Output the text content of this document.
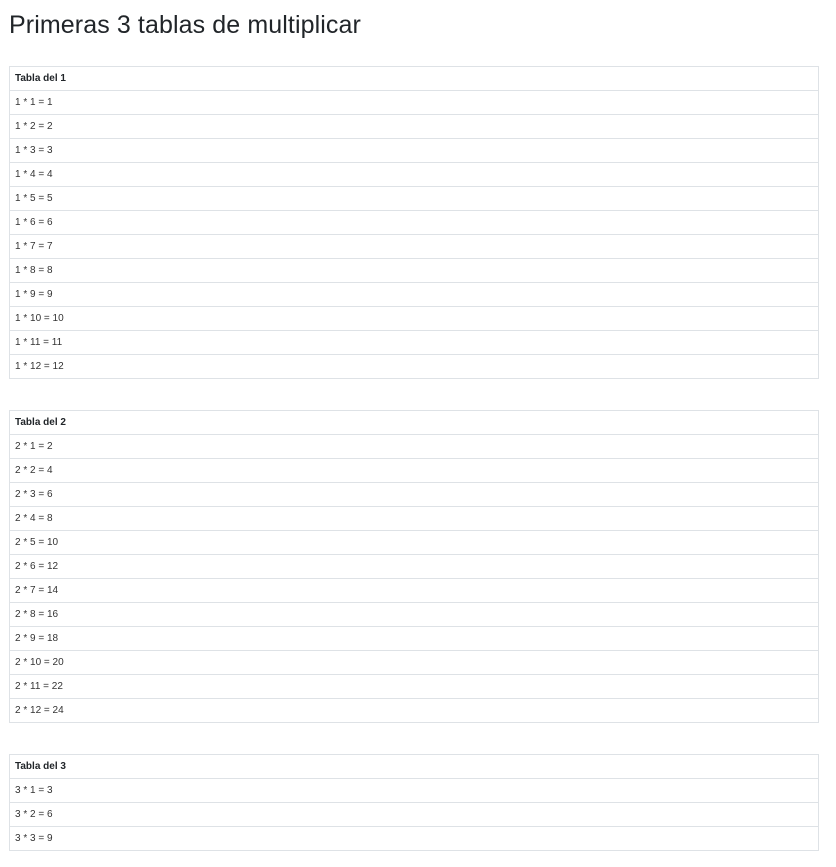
Primeras 3 tablas de multiplicar
Tabla del 1
1 * 1 = 1
1 * 2 = 2
1 * 3 = 3
1 * 4 = 4
1 * 5 = 5
1 * 6 = 6
1 * 7 = 7
1 * 8 = 8
1 * 9 = 9
1 * 10 = 10
1 * 11 = 11
1 * 12 = 12
Tabla del 2
2 * 1 = 2
2 * 2 = 4
2 * 3 = 6
2 * 4 = 8
2 * 5 = 10
2 * 6 = 12
2 * 7 = 14
2 * 8 = 16
2 * 9 = 18
2 * 10 = 20
2 * 11 = 22
2 * 12 = 24
Tabla del 3
3 * 1 = 3
3 * 2 = 6
3 * 3 = 9
